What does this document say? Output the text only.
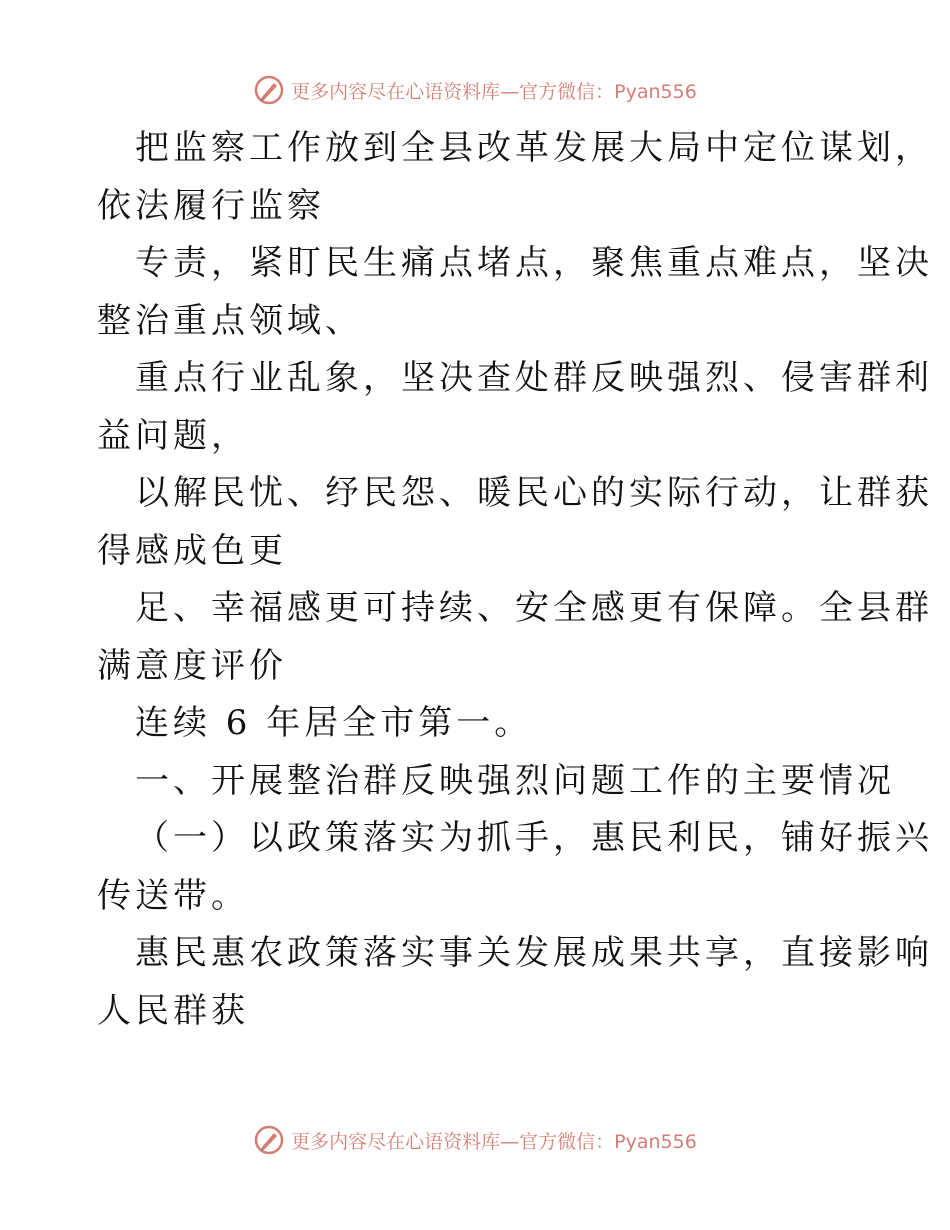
更多内容尽在心语资料库—官方微信：Pyan556

把监察工作放到全县改革发展大局中定位谋划，

依法履行监察

专责，紧盯民生痛点堵点，聚焦重点难点，坚决

整治重点领域、

重点行业乱象，坚决查处群反映强烈、侵害群利

益问题，

以解民忧、纾民怨、暖民心的实际行动，让群获

得感成色更

足、幸福感更可持续、安全感更有保障。全县群

满意度评价

连续 6 年居全市第一。

一、开展整治群反映强烈问题工作的主要情况

（一）以政策落实为抓手，惠民利民，铺好振兴

传送带。

惠民惠农政策落实事关发展成果共享，直接影响

人民群获

更多内容尽在心语资料库—官方微信：Pyan556
